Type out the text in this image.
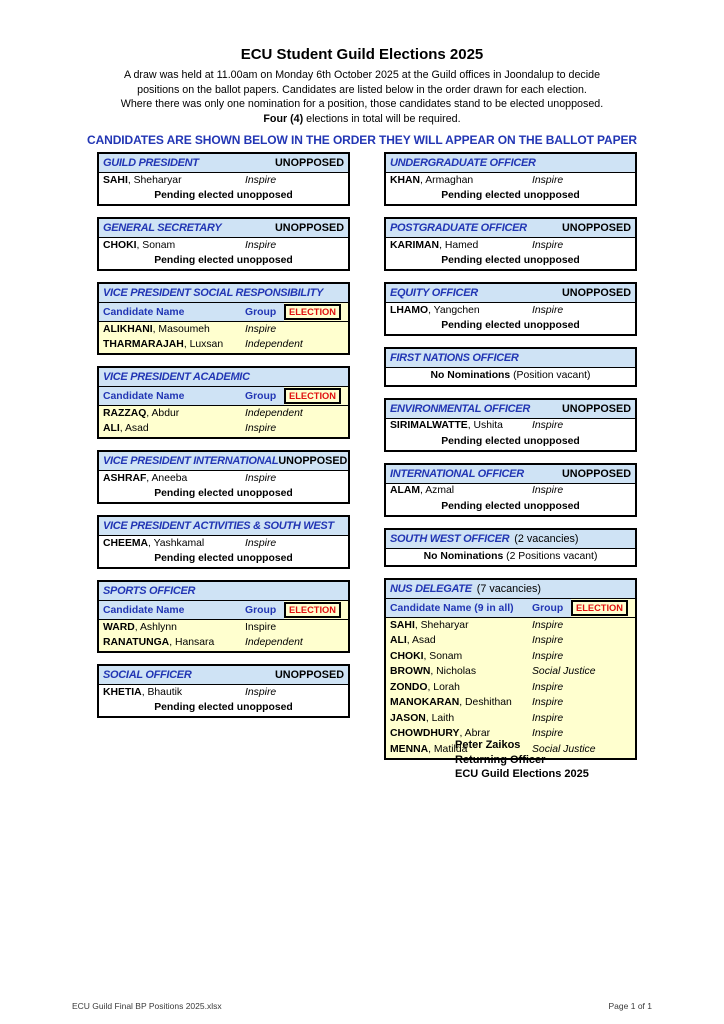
ECU Student Guild Elections 2025
A draw was held at 11.00am on Monday 6th October 2025 at the Guild offices in Joondalup to decide
positions on the ballot papers. Candidates are listed below in the order drawn for each election.
Where there was only one nomination for a position, those candidates stand to be elected unopposed.
Four (4) elections in total will be required.
CANDIDATES ARE SHOWN BELOW IN THE ORDER THEY WILL APPEAR ON THE BALLOT PAPER
GUILD PRESIDENT	UNOPPOSED
SAHI, Sheharyar	Inspire
Pending elected unopposed
GENERAL SECRETARY	UNOPPOSED
CHOKI, Sonam	Inspire
Pending elected unopposed
VICE PRESIDENT SOCIAL RESPONSIBILITY
Candidate Name	Group	ELECTION
ALIKHANI, Masoumeh	Inspire
THARMARAJAH, Luxsan	Independent
VICE PRESIDENT ACADEMIC
Candidate Name	Group	ELECTION
RAZZAQ, Abdur	Independent
ALI, Asad	Inspire
VICE PRESIDENT INTERNATIONAL UNOPPOSED
ASHRAF, Aneeba	Inspire
Pending elected unopposed
VICE PRESIDENT ACTIVITIES & SOUTH WEST
CHEEMA, Yashkamal	Inspire
Pending elected unopposed
SPORTS OFFICER
Candidate Name	Group	ELECTION
WARD, Ashlynn	Inspire
RANATUNGA, Hansara	Independent
SOCIAL OFFICER	UNOPPOSED
KHETIA, Bhautik	Inspire
Pending elected unopposed
UNDERGRADUATE OFFICER
KHAN, Armaghan	Inspire
Pending elected unopposed
POSTGRADUATE OFFICER	UNOPPOSED
KARIMAN, Hamed	Inspire
Pending elected unopposed
EQUITY OFFICER	UNOPPOSED
LHAMO, Yangchen	Inspire
Pending elected unopposed
FIRST NATIONS OFFICER
No Nominations (Position vacant)
ENVIRONMENTAL OFFICER	UNOPPOSED
SIRIMALWATTE, Ushita	Inspire
Pending elected unopposed
INTERNATIONAL OFFICER	UNOPPOSED
ALAM, Azmal	Inspire
Pending elected unopposed
SOUTH WEST OFFICER (2 vacancies)
No Nominations (2 Positions vacant)
NUS DELEGATE (7 vacancies)
Candidate Name (9 in all)	Group	ELECTION
SAHI, Sheharyar	Inspire
ALI, Asad	Inspire
CHOKI, Sonam	Inspire
BROWN, Nicholas	Social Justice
ZONDO, Lorah	Inspire
MANOKARAN, Deshithan	Inspire
JASON, Laith	Inspire
CHOWDHURY, Abrar	Inspire
MENNA, Matilda	Social Justice
Peter Zaikos
Returning Officer
ECU Guild Elections 2025
ECU Guild Final BP Positions 2025.xlsx	Page 1 of 1
